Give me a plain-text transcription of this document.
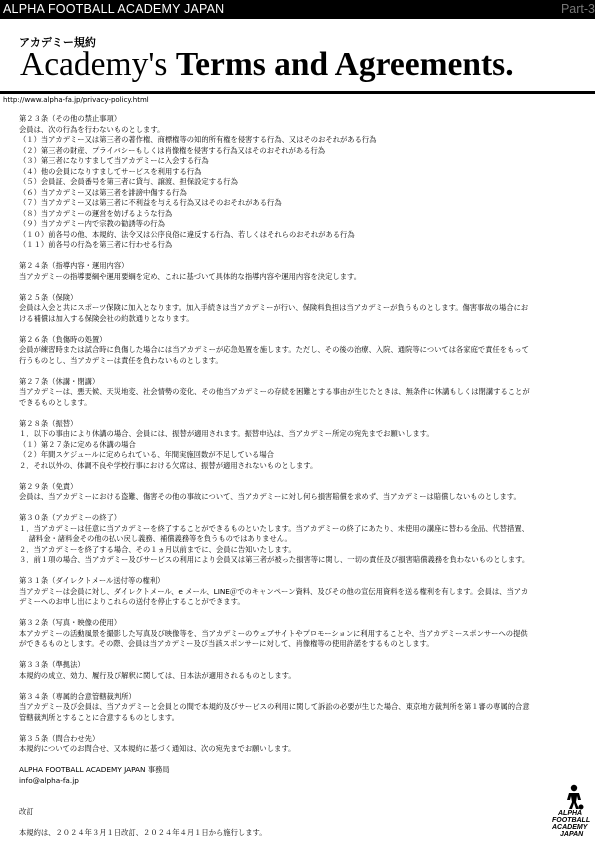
ALPHA FOOTBALL ACADEMY JAPAN	Part-3
アカデミー規約
Academy's Terms and Agreements.
http://www.alpha-fa.jp/privacy-policy.html
第２３条（その他の禁止事項）
会員は、次の行為を行わないものとします。
（１）当アカデミー又は第三者の著作権、商標権等の知的所有権を侵害する行為、又はそのおそれがある行為
（２）第三者の財産、プライバシーもしくは肖像権を侵害する行為又はそのおそれがある行為
（３）第三者になりすまして当アカデミーに入会する行為
（４）他の会員になりすましてサービスを利用する行為
（５）会員証、会員番号を第三者に貸与、譲渡、担保設定する行為
（６）当アカデミー又は第三者を誹謗中傷する行為
（７）当アカデミー又は第三者に不利益を与える行為又はそのおそれがある行為
（８）当アカデミーの運営を妨げるような行為
（９）当アカデミー内で宗教の勧誘等の行為
（１０）前各号の他、本規約、法令又は公序良俗に違反する行為、若しくはそれらのおそれがある行為
（１１）前各号の行為を第三者に行わせる行為
第２４条（指導内容・運用内容）
当アカデミーの指導要綱や運用要綱を定め、これに基づいて具体的な指導内容や運用内容を決定します。
第２５条（保険）
会員は入会と共にスポーツ保険に加入となります。加入手続きは当アカデミーが行い、保険料負担は当アカデミーが負うものとします。傷害事故の場合にお
ける補償は加入する保険会社の約款通りとなります。
第２６条（負傷時の処置）
会員が練習時または試合時に負傷した場合には当アカデミーが応急処置を施します。ただし、その後の治療、入院、通院等については各家庭で責任をもって
行うものとし、当アカデミーは責任を負わないものとします。
第２７条（休講・閉講）
当アカデミーは、悪天候、天災地変、社会情勢の変化、その他当アカデミーの存続を困難とする事由が生じたときは、無条件に休講もしくは閉講することが
できるものとします。
第２８条（振替）
１．以下の事由により休講の場合、会員には、振替が適用されます。振替申込は、当アカデミー所定の宛先までお願いします。
（１）第２７条に定める休講の場合
（２）年間スケジュールに定められている、年間実施回数が不足している場合
２．それ以外の、体調不良や学校行事における欠席は、振替が適用されないものとします。
第２９条（免責）
会員は、当アカデミーにおける盗難、傷害その他の事故について、当アカデミーに対し何ら損害賠償を求めず、当アカデミーは賠償しないものとします。
第３０条（アカデミーの終了）
１．当アカデミーは任意に当アカデミーを終了することができるものといたします。当アカデミーの終了にあたり、未使用の講座に替わる金品、代替措置、
　 諸料金・諸料金その他の払い戻し義務、補償義務等を負うものではありません。
２．当アカデミーを終了する場合、その１ヵ月以前までに、会員に告知いたします。
３．前１項の場合、当アカデミー及びサービスの利用により会員又は第三者が被った損害等に関し、一切の責任及び損害賠償義務を負わないものとします。
第３１条（ダイレクトメール送付等の権利）
当アカデミーは会員に対し、ダイレクトメール、e メール、LINE＠でのキャンペーン資料、及びその他の宣伝用資料を送る権利を有します。会員は、当アカ
デミーへのお申し出によりこれらの送付を停止することができます。
第３２条（写真・映像の使用）
本アカデミーの活動風景を撮影した写真及び映像等を、当アカデミーのウェブサイトやプロモーションに利用することや、当アカデミースポンサーへの提供
ができるものとします。その際、会員は当アカデミー及び当該スポンサーに対して、肖像権等の使用許諾をするものとします。
第３３条（準拠法）
本規約の成立、効力、履行及び解釈に関しては、日本法が適用されるものとします。
第３４条（専属的合意管轄裁判所）
当アカデミー及び会員は、当アカデミーと会員との間で本規約及びサービスの利用に関して訴訟の必要が生じた場合、東京地方裁判所を第１審の専属的合意
管轄裁判所とすることに合意するものとします。
第３５条（問合わせ先）
本規約についてのお問合せ、又本規約に基づく通知は、次の宛先までお願いします。
ALPHA FOOTBALL ACADEMY JAPAN 事務局
info@alpha-fa.jp
改訂
本規約は、２０２４年３月１日改訂、２０２４年４月１日から施行します。
ALPHA
FOOTBALL
ACADEMY
JAPAN
